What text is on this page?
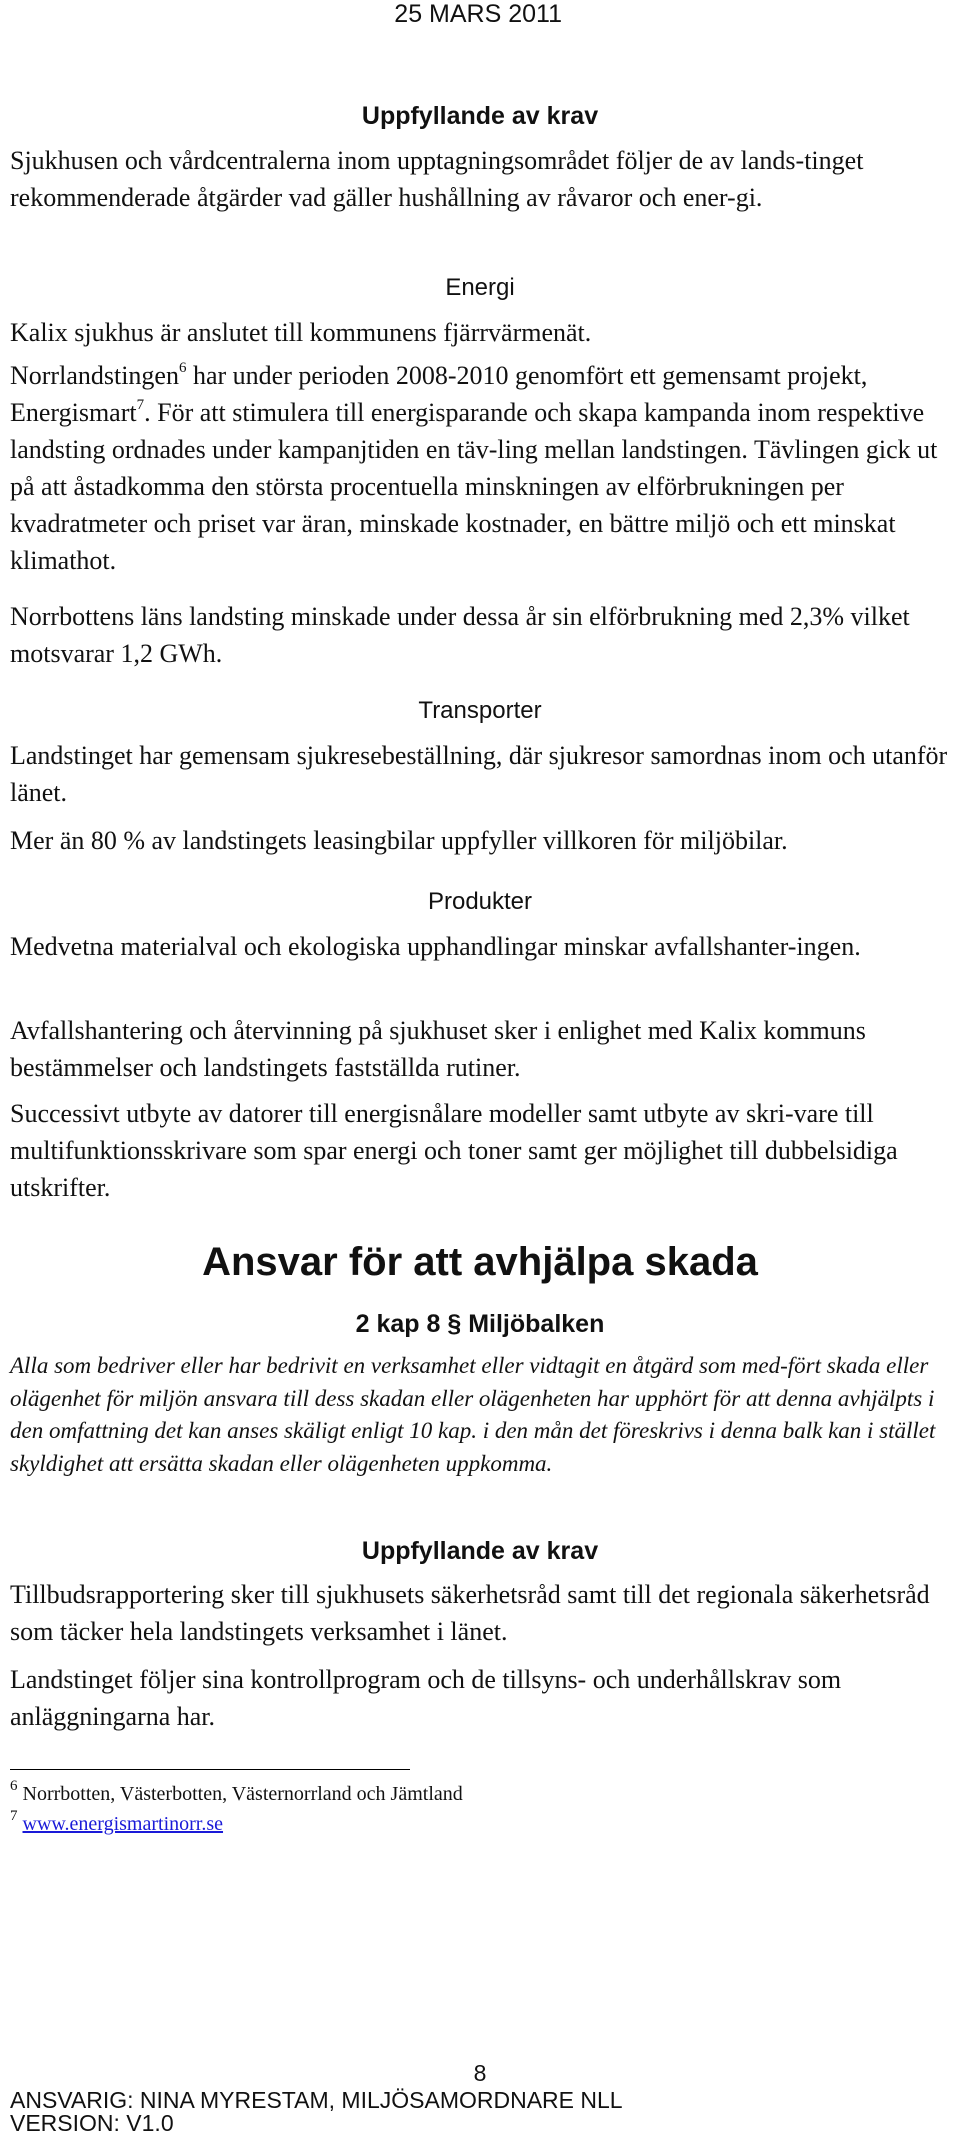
25 MARS 2011
Uppfyllande av krav

Sjukhusen och vårdcentralerna inom upptagningsområdet följer de av lands-tinget rekommenderade åtgärder vad gäller hushållning av råvaror och ener-gi.

Energi

Kalix sjukhus är anslutet till kommunens fjärrvärmenät.

Norrlandstingen$^6$ har under perioden 2008-2010 genomfört ett gemensamt projekt, Energismart$^7$. För att stimulera till energisparande och skapa kampanda inom respektive landsting ordnades under kampanjtiden en täv-ling mellan landstingen. Tävlingen gick ut på att åstadkomma den största procentuella minskningen av elförbrukningen per kvadratmeter och priset var äran, minskade kostnader, en bättre miljö och ett minskat klimathot.

Norrbottens läns landsting minskade under dessa år sin elförbrukning med 2,3% vilket motsvarar 1,2 GWh.

Transporter

Landstinget har gemensam sjukresebeställning, där sjukresor samordnas inom och utanför länet.

Mer än 80 % av landstingets leasingbilar uppfyller villkoren för miljöbilar.

Produkter

Medvetna materialval och ekologiska upphandlingar minskar avfallshanter-ingen.

Avfallshantering och återvinning på sjukhuset sker i enlighet med Kalix kommuns bestämmelser och landstingets fastställda rutiner.

Successivt utbyte av datorer till energisnålare modeller samt utbyte av skri-vare till multifunktionsskrivare som spar energi och toner samt ger möjlighet till dubbelsidiga utskrifter.

Ansvar för att avhjälpa skada
2 kap 8 § Miljöbalken

Alla som bedriver eller har bedrivit en verksamhet eller vidtagit en åtgärd som med-fört skada eller olägenhet för miljön ansvara till dess skadan eller olägenheten har upphört för att denna avhjälpts i den omfattning det kan anses skäligt enligt 10 kap. i den mån det föreskrivs i denna balk kan i stället skyldighet att ersätta skadan eller olägenheten uppkomma.

Uppfyllande av krav

Tillbudsrapportering sker till sjukhusets säkerhetsråd samt till det regionala säkerhetsråd som täcker hela landstingets verksamhet i länet.

Landstinget följer sina kontrollprogram och de tillsyns- och underhållskrav som anläggningarna har.

$^6$ Norrbotten, Västerbotten, Västernorrland och Jämtland
$^7$ www.energismartinorr.se
8
ANSVARIG: NINA MYRESTAM, MILJÖSAMORDNARE NLL
VERSION: V1.0
